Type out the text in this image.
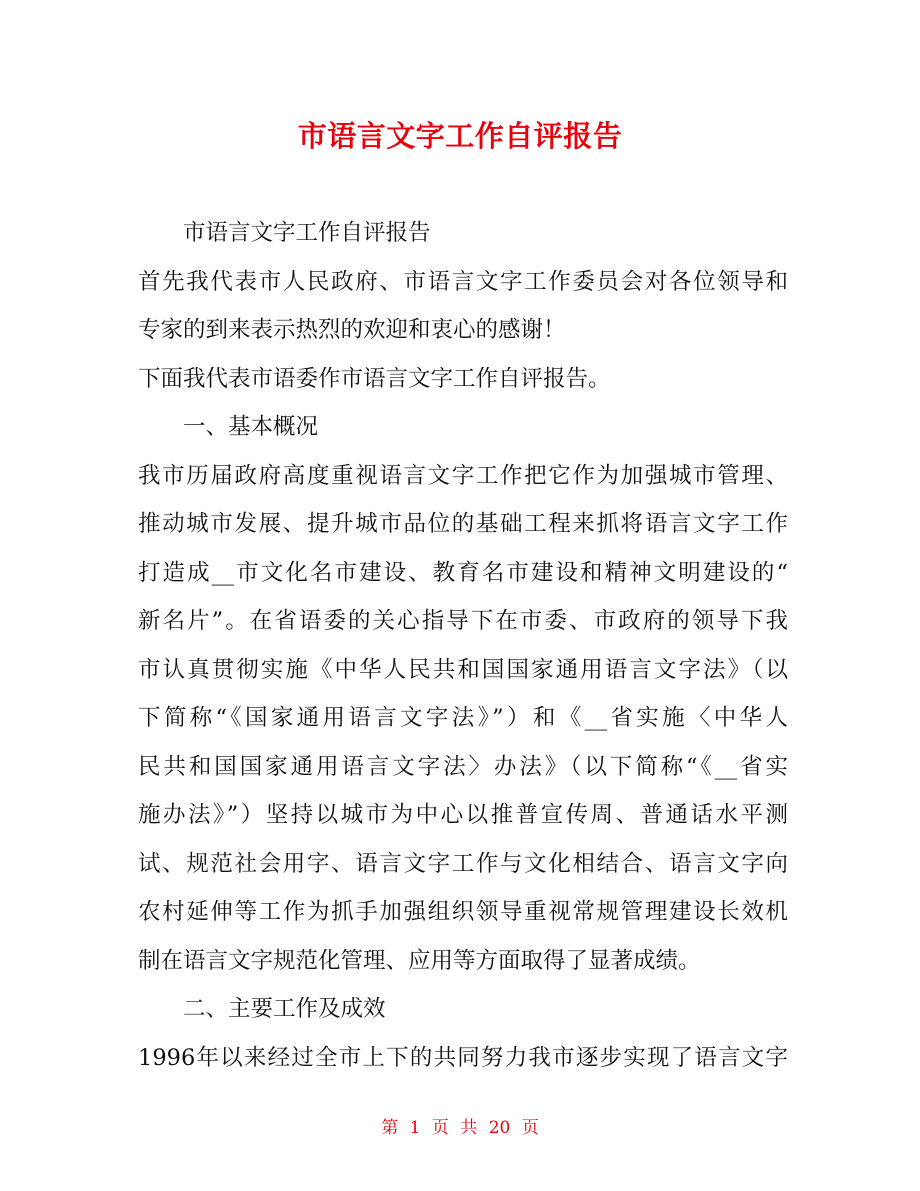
市语言文字工作自评报告
市语言文字工作自评报告
首先我代表市人民政府、市语言文字工作委员会对各位领导和
专家的到来表示热烈的欢迎和衷心的感谢！
下面我代表市语委作市语言文字工作自评报告。
一、基本概况
我市历届政府高度重视语言文字工作把它作为加强城市管理、
推动城市发展、提升城市品位的基础工程来抓将语言文字工作
打造成__市文化名市建设、教育名市建设和精神文明建设的“
新名片”。在省语委的关心指导下在市委、市政府的领导下我
市认真贯彻实施《中华人民共和国国家通用语言文字法》（以
下简称“《国家通用语言文字法》”）和《__省实施〈中华人
民共和国国家通用语言文字法〉办法》（以下简称“《__省实
施办法》”）坚持以城市为中心以推普宣传周、普通话水平测
试、规范社会用字、语言文字工作与文化相结合、语言文字向
农村延伸等工作为抓手加强组织领导重视常规管理建设长效机
制在语言文字规范化管理、应用等方面取得了显著成绩。
二、主要工作及成效
1996年以来经过全市上下的共同努力我市逐步实现了语言文字
第 1 页 共 20 页
